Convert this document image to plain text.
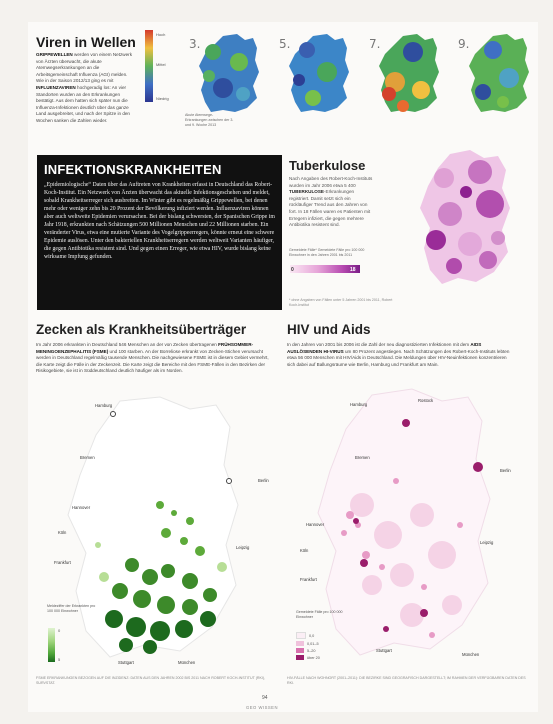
Viren in Wellen
GRIPPEWELLEN werden von einem Netzwerk von Ärzten überwacht, die akute Atemwegserkrankungen an die Arbeitsgemeinschaft Influenza (AGI) melden. Wie in der Saison 2012/13 ging es mit INFLUENZAVIREN hochgeradig los: An vier Standorten wurden an den Erkrankungen bestätigt. Aus dem hatten sich später nun die Influenza-Infektionen deutlich über das ganze Land ausgebreitet, und nach der Spitze in den Wochen sanken die Zahlen wieder.
Hoch
Mittel
Niedrig
3.	5.	7.	9.
Akute Atemwege- Erkrankungen zwischen der 3. und 9. Woche 2013
INFEKTIONSKRANKHEITEN
„Epidemiologische“ Daten über das Auftreten von Krankheiten erfasst in Deutschland das Robert-Koch-Institut. Ein Netzwerk von Ärzten überwacht das aktuelle Infektionsgeschehen und meldet, sobald Krankheitserreger sich ausbreiten. Im Winter gibt es regelmäßig Grippewellen, bei denen mehr oder weniger zehn bis 20 Prozent der Bevölkerung infiziert werden. Influenzaviren können aber auch weltweite Epidemien verursachen. Bei der bislang schwersten, der Spanischen Grippe im Jahr 1918, erkrankten nach Schätzungen 500 Millionen Menschen und 22 Millionen starben. Ein veränderter Virus, etwa eine mutierte Variante des Vogelgrippeerregers, könnte erneut eine schwere Epidemie auslösen. Unter den bakteriellen Krankheitserregern werden weltweit Varianten häufiger, die gegen Antibiotika resistent sind. Und gegen einen Erreger, wie etwa HIV, wurde bislang keine wirksame Impfung gefunden.
Tuberkulose
Nach Angaben des Robert-Koch-Instituts wurden im Jahr 2006 etwa 5 400 TUBERKULOSE-Erkrankungen registriert. Damit setzt sich ein rückläufiger Trend aus den Jahren von fort. In 18 Fällen waren es Patienten mit Erregern infiziert, die gegen mehrere Antibiotika resistent sind.
Gemeldete Fälle* Gemeldete Fälle pro 100 000 Einwohner in den Jahren 2001 bis 2011
0	18
* ohne Angaben von Fällen unter 5 Jahren 2001 bis 2011, Robert Koch-Institut
Zecken als Krankheitsüberträger
Im Jahr 2006 erkrankten in Deutschland 546 Menschen an der von Zecken übertragenen FRÜHSOMMER-MENINGOENZEPHALITIS (FSME) und 100 starben. An der Borreliose erkrankt von Zecken-Stichen verursacht werden in Deutschland regelmäßig tausende Menschen. Die nachgewiesene FSME ist in diesem Gebiet vermehrt, die Karte zeigt die Fälle in der Zeckenzeit. Die Karte zeigt die Bereiche mit den FSME-Fällen in den Bezirken der Risikogebiete, sie ist in Süddeutschland deutlich häufiger als im Norden.
Hamburg
Bremen
Berlin
Hannover
Köln
Frankfurt
Leipzig
Stuttgart	München
Meldeziffer der Erkrankten pro 100 000 Einwohner
0
5
FSME ERKRANKUNGEN BEZOGEN AUF DIE INZIDENZ: DATEN AUS DEN JAHREN 2002 BIS 2011 NACH ROBERT KOCH-INSTITUT (RKI), SURVSTAT.
HIV und Aids
In den Jahren von 2001 bis 2006 ist die Zahl der neu diagnostizierten Infektionen mit dem AIDS AUSLÖSENDEN HI-VIRUS um 80 Prozent angestiegen. Nach Schätzungen des Robert-Koch-Instituts lebten etwa 56 000 Menschen mit HIV/Aids in Deutschland. Die Meldungen über HIV-Neuinfektionen konzentrieren sich dabei auf Ballungsräume wie Berlin, Hamburg und Frankfurt am Main.
Hamburg
Rostock
Bremen
Berlin
Hannover
Köln
Leipzig
Frankfurt
Stuttgart
München
Gemeldete Fälle pro 100 000 Einwohner
0,0
0,01–5
5–20
über 20
HIV-FÄLLE NACH WOHNORT (2001–2011): DIE BEZIRKE SIND GEOGRAFISCH DARGESTELLT; IM RAHMEN DER VERFÜGBAREN DATEN DES RKI.
94
GEO WISSEN
